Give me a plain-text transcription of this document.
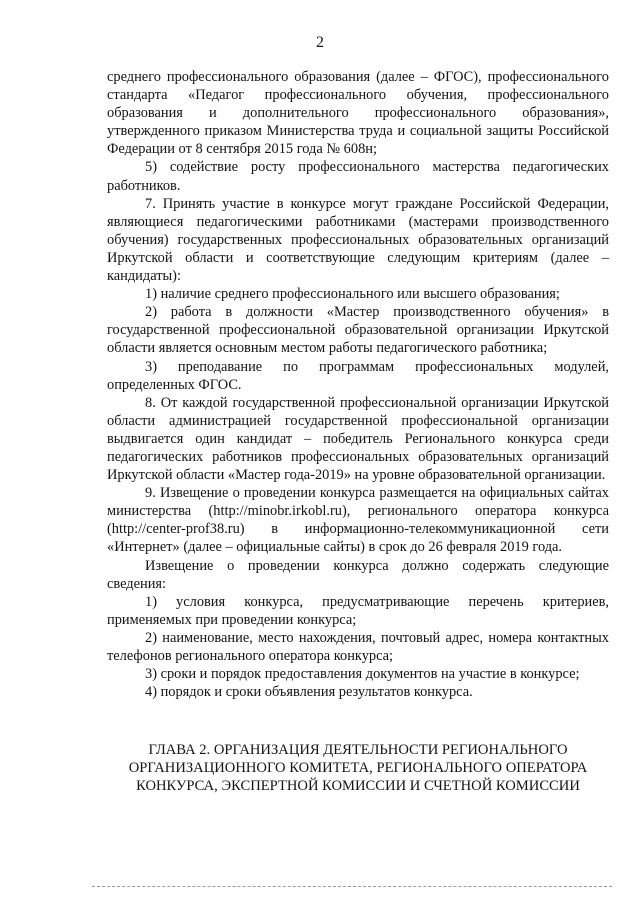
2

среднего профессионального образования (далее – ФГОС), профессионального стандарта «Педагог профессионального обучения, профессионального образования и дополнительного профессионального образования», утвержденного приказом Министерства труда и социальной защиты Российской Федерации от 8 сентября 2015 года № 608н;

5) содействие росту профессионального мастерства педагогических работников.

7. Принять участие в конкурсе могут граждане Российской Федерации, являющиеся педагогическими работниками (мастерами производственного обучения) государственных профессиональных образовательных организаций Иркутской области и соответствующие следующим критериям (далее – кандидаты):

1) наличие среднего профессионального или высшего образования;

2) работа в должности «Мастер производственного обучения» в государственной профессиональной образовательной организации Иркутской области является основным местом работы педагогического работника;

3) преподавание по программам профессиональных модулей, определенных ФГОС.

8. От каждой государственной профессиональной организации Иркутской области администрацией государственной профессиональной организации выдвигается один кандидат – победитель Регионального конкурса среди педагогических работников профессиональных образовательных организаций Иркутской области «Мастер года-2019» на уровне образовательной организации.

9. Извещение о проведении конкурса размещается на официальных сайтах министерства (http://minobr.irkobl.ru), регионального оператора конкурса (http://center-prof38.ru) в информационно-телекоммуникационной сети «Интернет» (далее – официальные сайты) в срок до 26 февраля 2019 года.

Извещение о проведении конкурса должно содержать следующие сведения:

1) условия конкурса, предусматривающие перечень критериев, применяемых при проведении конкурса;

2) наименование, место нахождения, почтовый адрес, номера контактных телефонов регионального оператора конкурса;

3) сроки и порядок предоставления документов на участие в конкурсе;

4) порядок и сроки объявления результатов конкурса.

ГЛАВА 2. ОРГАНИЗАЦИЯ ДЕЯТЕЛЬНОСТИ РЕГИОНАЛЬНОГО
ОРГАНИЗАЦИОННОГО КОМИТЕТА, РЕГИОНАЛЬНОГО ОПЕРАТОРА
КОНКУРСА, ЭКСПЕРТНОЙ КОМИССИИ И СЧЕТНОЙ КОМИССИИ
